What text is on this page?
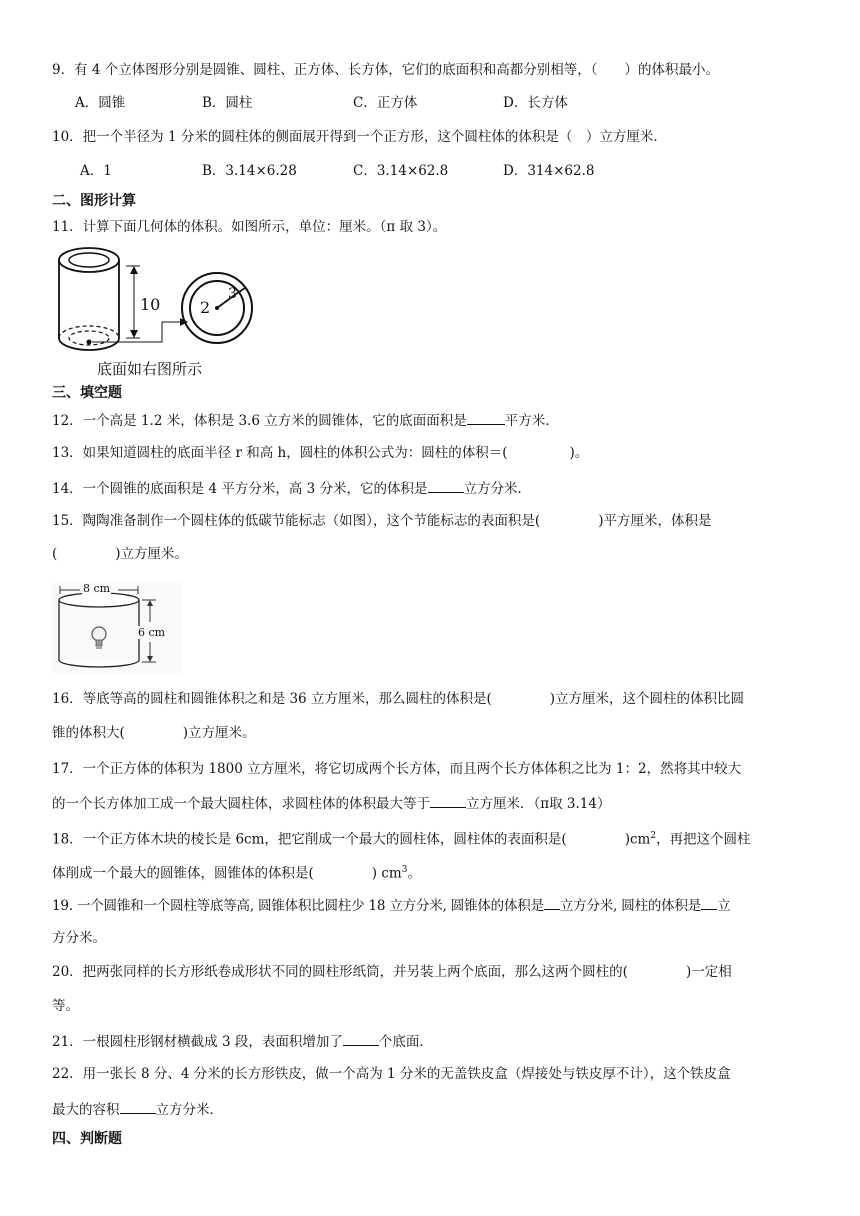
9．有 4 个立体图形分别是圆锥、圆柱、正方体、长方体，它们的底面积和高都分别相等，（　　）的体积最小。
A．圆锥	B．圆柱	C．正方体	D．长方体
10．把一个半径为 1 分米的圆柱体的侧面展开得到一个正方形，这个圆柱体的体积是（　）立方厘米．
A．1	B．3.14×6.28	C．3.14×62.8	D．314×62.8
二、图形计算
11．计算下面几何体的体积。如图所示，单位：厘米。（π 取 3）。
10 2
3
底面如右图所示
三、填空题
12．一个高是 1.2 米，体积是 3.6 立方米的圆锥体，它的底面面积是	平方米．
13．如果知道圆柱的底面半径 r 和高 h，圆柱的体积公式为：圆柱的体积＝(	)。
14．一个圆锥的底面积是 4 平方分米，高 3 分米，它的体积是	立方分米．
15．陶陶准备制作一个圆柱体的低碳节能标志（如图），这个节能标志的表面积是(	)平方厘米，体积是
(	)立方厘米。
8 cm
6 cm
16．等底等高的圆柱和圆锥体积之和是 36 立方厘米，那么圆柱的体积是(	)立方厘米，这个圆柱的体积比圆
锥的体积大(	)立方厘米。
17．一个正方体的体积为 1800 立方厘米，将它切成两个长方体，而且两个长方体体积之比为 1：2，然将其中较大
的一个长方体加工成一个最大圆柱体，求圆柱体的体积最大等于	立方厘米．（π取 3.14）
18．一个正方体木块的棱长是 6cm，把它削成一个最大的圆柱体，圆柱体的表面积是(	)$cm^2$，再把这个圆柱
体削成一个最大的圆锥体，圆锥体的体积是(	) $cm^3$。
19. 一个圆锥和一个圆柱等底等高, 圆锥体积比圆柱少 18 立方分米, 圆锥体的体积是 立方分米, 圆柱的体积是 立
方分米。
20．把两张同样的长方形纸卷成形状不同的圆柱形纸筒，并另装上两个底面，那么这两个圆柱的(	)一定相
等。
21．一根圆柱形钢材横截成 3 段，表面积增加了	个底面．
22．用一张长 8 分、4 分米的长方形铁皮，做一个高为 1 分米的无盖铁皮盒（焊接处与铁皮厚不计），这个铁皮盒
最大的容积	立方分米．
四、判断题
